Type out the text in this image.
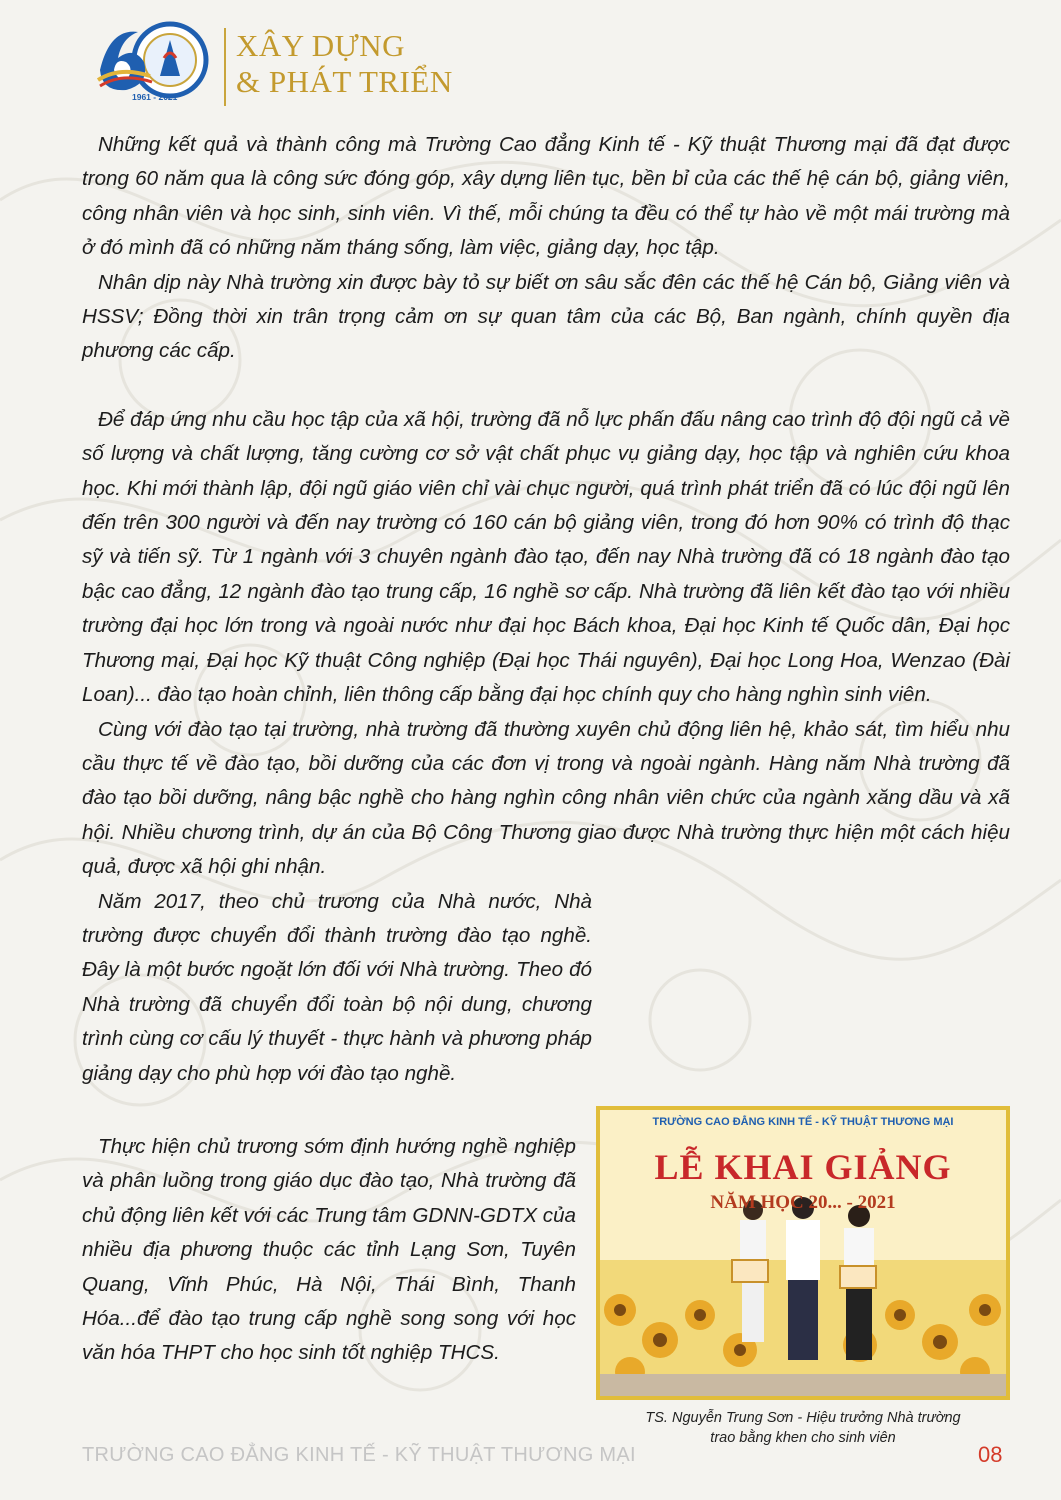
1961 - 2021
XÂY DỰNG
& PHÁT TRIỂN

Những kết quả và thành công mà Trường Cao đẳng Kinh tế - Kỹ thuật Thương mại đã đạt được trong 60 năm qua là công sức đóng góp, xây dựng liên tục, bền bỉ của các thế hệ cán bộ, giảng viên, công nhân viên và học sinh, sinh viên. Vì thế, mỗi chúng ta đều có thể tự hào về một mái trường mà ở đó mình đã có những năm tháng sống, làm việc, giảng dạy, học tập.

Nhân dịp này Nhà trường xin được bày tỏ sự biết ơn sâu sắc đên các thế hệ Cán bộ, Giảng viên và HSSV; Đồng thời xin trân trọng cảm ơn sự quan tâm của các Bộ, Ban ngành, chính quyền địa phương các cấp.

Để đáp ứng nhu cầu học tập của xã hội, trường đã nỗ lực phấn đấu nâng cao trình độ đội ngũ cả về số lượng và chất lượng, tăng cường cơ sở vật chất phục vụ giảng dạy, học tập và nghiên cứu khoa học. Khi mới thành lập, đội ngũ giáo viên chỉ vài chục người, quá trình phát triển đã có lúc đội ngũ lên đến trên 300 người và đến nay trường có 160 cán bộ giảng viên, trong đó hơn 90% có trình độ thạc sỹ và tiến sỹ. Từ 1 ngành với 3 chuyên ngành đào tạo, đến nay Nhà trường đã có 18 ngành đào tạo bậc cao đẳng, 12 ngành đào tạo trung cấp, 16 nghề sơ cấp. Nhà trường đã liên kết đào tạo với nhiều trường đại học lớn trong và ngoài nước như đại học Bách khoa, Đại học Kinh tế Quốc dân, Đại học Thương mại, Đại học Kỹ thuật Công nghiệp (Đại học Thái nguyên), Đại học Long Hoa, Wenzao (Đài Loan)... đào tạo hoàn chỉnh, liên thông cấp bằng đại học chính quy cho hàng nghìn sinh viên.

Cùng với đào tạo tại trường, nhà trường đã thường xuyên chủ động liên hệ, khảo sát, tìm hiểu nhu cầu thực tế về đào tạo, bồi dưỡng của các đơn vị trong và ngoài ngành. Hàng năm Nhà trường đã đào tạo bồi dưỡng, nâng bậc nghề cho hàng nghìn công nhân viên chức của ngành xăng dầu và xã hội. Nhiều chương trình, dự án của Bộ Công Thương giao được Nhà trường thực hiện một cách hiệu quả, được xã hội ghi nhận.

Năm 2017, theo chủ trương của Nhà nước, Nhà trường được chuyển đổi thành trường đào tạo nghề. Đây là một bước ngoặt lớn đối với Nhà trường. Theo đó Nhà trường đã chuyển đổi toàn bộ nội dung, chương trình cùng cơ cấu lý thuyết - thực hành và phương pháp giảng dạy cho phù hợp với đào tạo nghề.

Thực hiện chủ trương sớm định hướng nghề nghiệp và phân luồng trong giáo dục đào tạo, Nhà trường đã chủ động liên kết với các Trung tâm GDNN-GDTX của nhiều địa phương thuộc các tỉnh Lạng Sơn, Tuyên Quang, Vĩnh Phúc, Hà Nội, Thái Bình, Thanh Hóa...để đào tạo trung cấp nghề song song với học văn hóa THPT cho học sinh tốt nghiệp THCS.

TRƯỜNG CAO ĐẲNG KINH TẾ - KỸ THUẬT THƯƠNG MẠI
LỄ KHAI GIẢNG
NĂM HỌC 20... - 2021
TS. Nguyễn Trung Sơn - Hiệu trưởng Nhà trường
trao bằng khen cho sinh viên
TRƯỜNG CAO ĐẲNG KINH TẾ - KỸ THUẬT THƯƠNG MẠI	08
